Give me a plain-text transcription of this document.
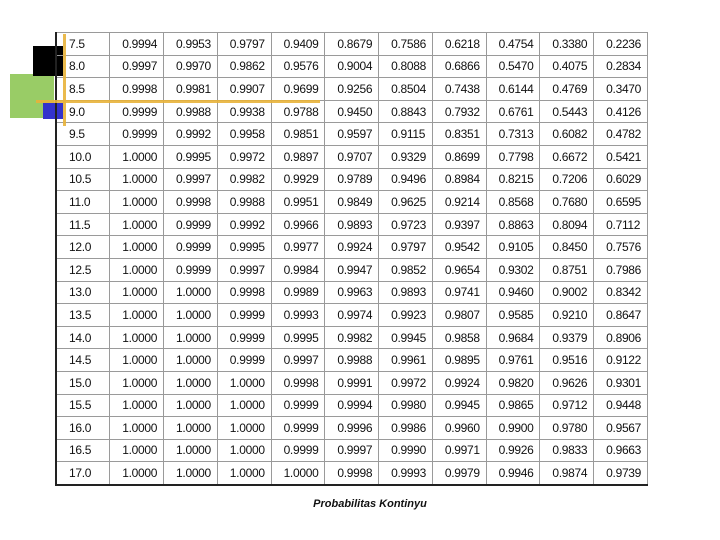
7.5	0.9994	0.9953	0.9797	0.9409	0.8679	0.7586	0.6218	0.4754	0.3380	0.2236
8.0	0.9997	0.9970	0.9862	0.9576	0.9004	0.8088	0.6866	0.5470	0.4075	0.2834
8.5	0.9998	0.9981	0.9907	0.9699	0.9256	0.8504	0.7438	0.6144	0.4769	0.3470
9.0	0.9999	0.9988	0.9938	0.9788	0.9450	0.8843	0.7932	0.6761	0.5443	0.4126
9.5	0.9999	0.9992	0.9958	0.9851	0.9597	0.9115	0.8351	0.7313	0.6082	0.4782
10.0	1.0000	0.9995	0.9972	0.9897	0.9707	0.9329	0.8699	0.7798	0.6672	0.5421
10.5	1.0000	0.9997	0.9982	0.9929	0.9789	0.9496	0.8984	0.8215	0.7206	0.6029
11.0	1.0000	0.9998	0.9988	0.9951	0.9849	0.9625	0.9214	0.8568	0.7680	0.6595
11.5	1.0000	0.9999	0.9992	0.9966	0.9893	0.9723	0.9397	0.8863	0.8094	0.7112
12.0	1.0000	0.9999	0.9995	0.9977	0.9924	0.9797	0.9542	0.9105	0.8450	0.7576
12.5	1.0000	0.9999	0.9997	0.9984	0.9947	0.9852	0.9654	0.9302	0.8751	0.7986
13.0	1.0000	1.0000	0.9998	0.9989	0.9963	0.9893	0.9741	0.9460	0.9002	0.8342
13.5	1.0000	1.0000	0.9999	0.9993	0.9974	0.9923	0.9807	0.9585	0.9210	0.8647
14.0	1.0000	1.0000	0.9999	0.9995	0.9982	0.9945	0.9858	0.9684	0.9379	0.8906
14.5	1.0000	1.0000	0.9999	0.9997	0.9988	0.9961	0.9895	0.9761	0.9516	0.9122
15.0	1.0000	1.0000	1.0000	0.9998	0.9991	0.9972	0.9924	0.9820	0.9626	0.9301
15.5	1.0000	1.0000	1.0000	0.9999	0.9994	0.9980	0.9945	0.9865	0.9712	0.9448
16.0	1.0000	1.0000	1.0000	0.9999	0.9996	0.9986	0.9960	0.9900	0.9780	0.9567
16.5	1.0000	1.0000	1.0000	0.9999	0.9997	0.9990	0.9971	0.9926	0.9833	0.9663
17.0	1.0000	1.0000	1.0000	1.0000	0.9998	0.9993	0.9979	0.9946	0.9874	0.9739
Probabilitas Kontinyu
